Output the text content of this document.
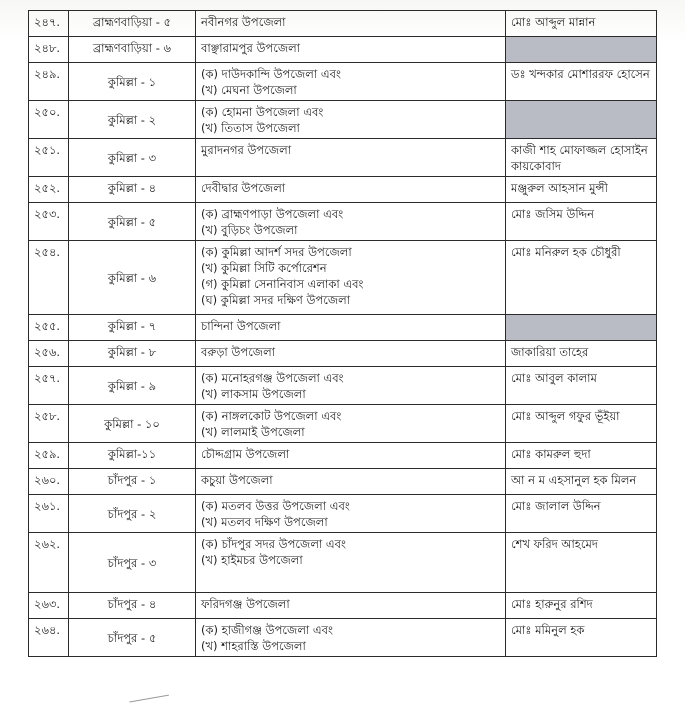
২৪৭.	ব্রাহ্মণবাড়িয়া - ৫	নবীনগর উপজেলা	মোঃ আব্দুল মান্নান
২৪৮.	ব্রাহ্মণবাড়িয়া - ৬	বাঞ্ছারামপুর উপজেলা	

২৪৯.	কুমিল্লা - ১	(ক) দাউদকান্দি উপজেলা এবং
(খ) মেঘনা উপজেলা	ডঃ খন্দকার মোশাররফ হোসেন
২৫০.	কুমিল্লা - ২	(ক) হোমনা উপজেলা এবং
(খ) তিতাস উপজেলা	

২৫১.	কুমিল্লা - ৩	মুরাদনগর উপজেলা	কাজী শাহ মোফাজ্জল হোসাইন কায়কোবাদ
২৫২.	কুমিল্লা - ৪	দেবীদ্বার উপজেলা	মঞ্জুরুল আহসান মুন্সী
২৫৩.	কুমিল্লা - ৫	(ক) ব্রাহ্মণপাড়া উপজেলা এবং
(খ) বুড়িচং উপজেলা	মোঃ জসিম উদ্দিন
২৫৪.	কুমিল্লা - ৬	(ক) কুমিল্লা আদর্শ সদর উপজেলা
(খ) কুমিল্লা সিটি কর্পোরেশন
(গ) কুমিল্লা সেনানিবাস এলাকা এবং
(ঘ) কুমিল্লা সদর দক্ষিণ উপজেলা	মোঃ মনিরুল হক চৌধুরী
২৫৫.	কুমিল্লা - ৭	চান্দিনা উপজেলা	

২৫৬.	কুমিল্লা - ৮	বরুড়া উপজেলা	জাকারিয়া তাহের
২৫৭.	কুমিল্লা - ৯	(ক) মনোহরগঞ্জ উপজেলা এবং
(খ) লাকসাম উপজেলা	মোঃ আবুল কালাম
২৫৮.	কুমিল্লা - ১০	(ক) নাঙ্গলকোট উপজেলা এবং
(খ) লালমাই উপজেলা	মোঃ আব্দুল গফুর ভূঁইয়া
২৫৯.	কুমিল্লা-১১	চৌদ্দগ্রাম উপজেলা	মোঃ কামরুল হুদা
২৬০.	চাঁদপুর - ১	কচুয়া উপজেলা	আ ন ম এহসানুল হক মিলন
২৬১.	চাঁদপুর - ২	(ক) মতলব উত্তর উপজেলা এবং
(খ) মতলব দক্ষিণ উপজেলা	মোঃ জালাল উদ্দিন
২৬২.	চাঁদপুর - ৩	(ক) চাঁদপুর সদর উপজেলা এবং
(খ) হাইমচর উপজেলা	শেখ ফরিদ আহমেদ
২৬৩.	চাঁদপুর - ৪	ফরিদগঞ্জ উপজেলা	মোঃ হারুনুর রশিদ
২৬৪.	চাঁদপুর - ৫	(ক) হাজীগঞ্জ উপজেলা এবং
(খ) শাহরাস্তি উপজেলা	মোঃ মমিনুল হক
